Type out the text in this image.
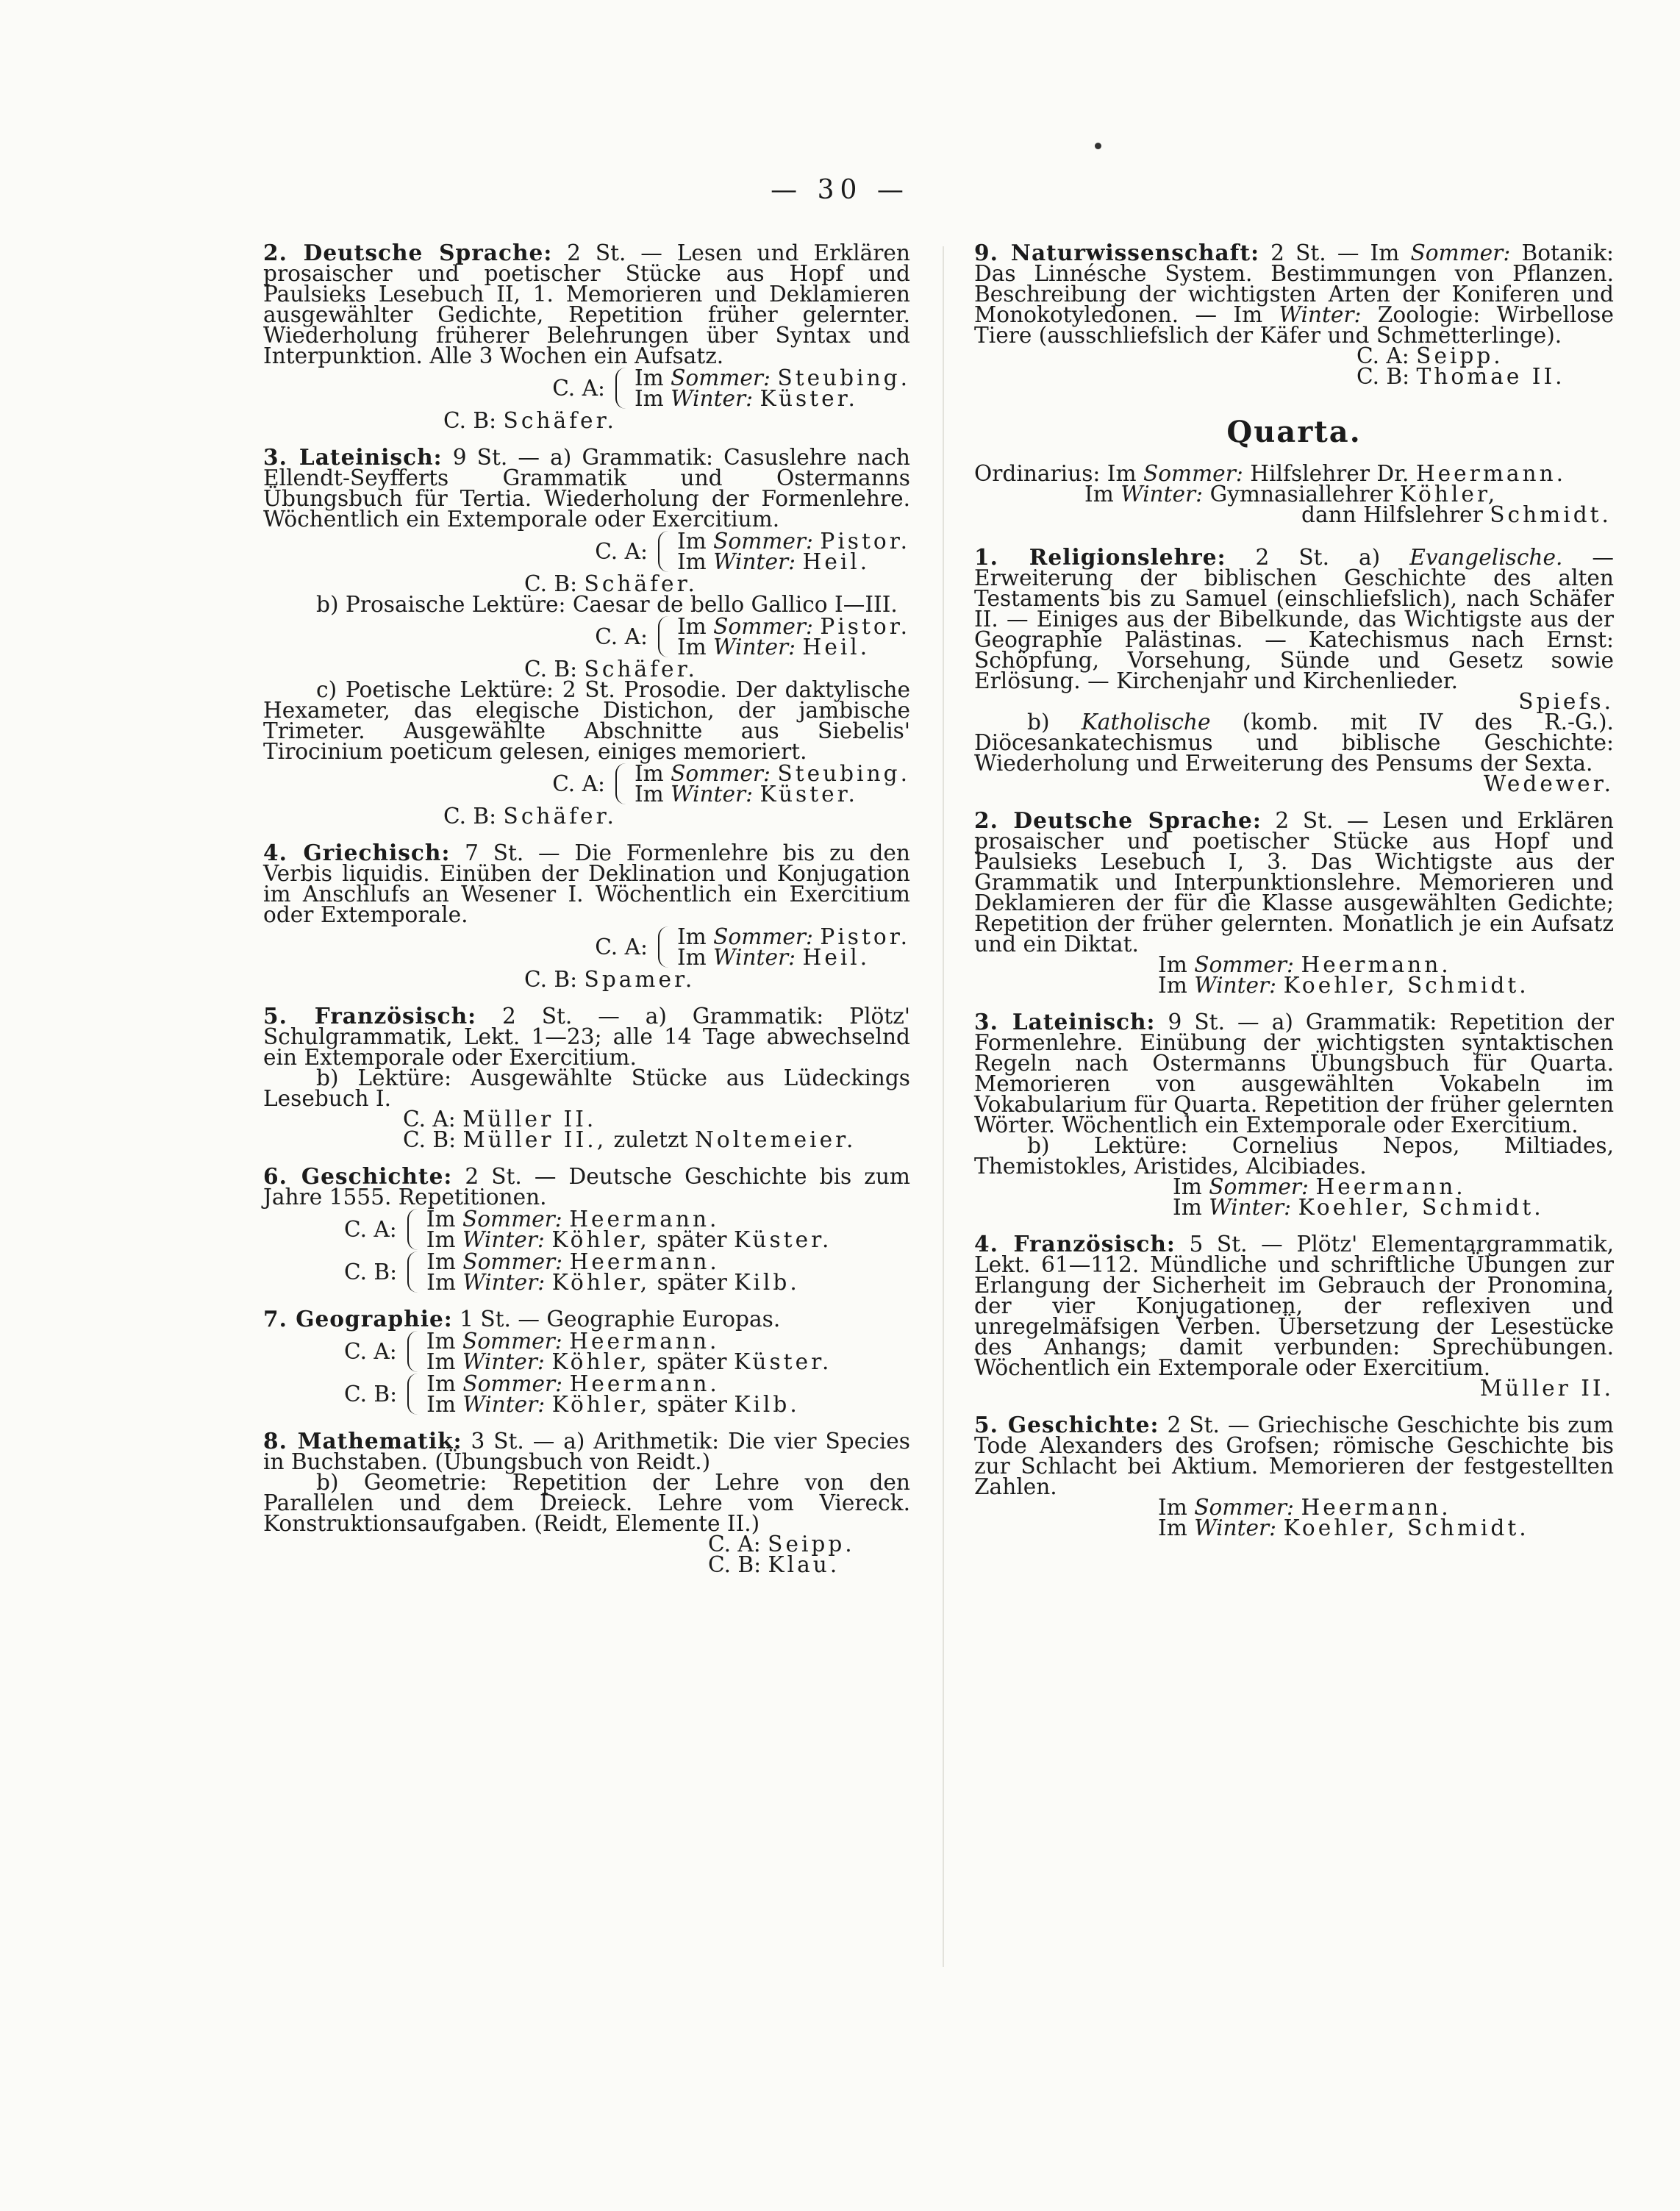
— 30 —

2. Deutsche Sprache: 2 St. — Lesen und Erklären prosaischer und poetischer Stücke aus Hopf und Paulsieks Lesebuch II, 1. Memorieren und Deklamieren ausgewählter Gedichte, Repetition früher gelernter. Wiederholung früherer Belehrungen über Syntax und Interpunktion. Alle 3 Wochen ein Aufsatz.

C. A: Im Sommer: Steubing.
Im Winter: Küster.
C. B: Schäfer.

3. Lateinisch: 9 St. — a) Grammatik: Casuslehre nach Ellendt-Seyfferts Grammatik und Ostermanns Übungsbuch für Tertia. Wiederholung der Formenlehre. Wöchentlich ein Extemporale oder Exercitium.

C. A: Im Sommer: Pistor.
Im Winter: Heil.
C. B: Schäfer.

b) Prosaische Lektüre: Caesar de bello Gallico I—III.

C. A: Im Sommer: Pistor.
Im Winter: Heil.
C. B: Schäfer.

c) Poetische Lektüre: 2 St. Prosodie. Der daktylische Hexameter, das elegische Distichon, der jambische Trimeter. Ausgewählte Abschnitte aus Siebelis' Tirocinium poeticum gelesen, einiges memoriert.

C. A: Im Sommer: Steubing.
Im Winter: Küster.
C. B: Schäfer.

4. Griechisch: 7 St. — Die Formenlehre bis zu den Verbis liquidis. Einüben der Deklination und Konjugation im Anschlufs an Wesener I. Wöchentlich ein Exercitium oder Extemporale.

C. A: Im Sommer: Pistor.
Im Winter: Heil.
C. B: Spamer.

5. Französisch: 2 St. — a) Grammatik: Plötz' Schulgrammatik, Lekt. 1—23; alle 14 Tage abwechselnd ein Extemporale oder Exercitium.

b) Lektüre: Ausgewählte Stücke aus Lüdeckings Lesebuch I.

C. A: Müller II.
C. B: Müller II., zuletzt Noltemeier.

6. Geschichte: 2 St. — Deutsche Geschichte bis zum Jahre 1555. Repetitionen.

C. A: Im Sommer: Heermann.
Im Winter: Köhler, später Küster.
C. B: Im Sommer: Heermann.
Im Winter: Köhler, später Kilb.

7. Geographie: 1 St. — Geographie Europas.

C. A: Im Sommer: Heermann.
Im Winter: Köhler, später Küster.
C. B: Im Sommer: Heermann.
Im Winter: Köhler, später Kilb.

8. Mathematik: 3 St. — a) Arithmetik: Die vier Species in Buchstaben. (Übungsbuch von Reidt.)

b) Geometrie: Repetition der Lehre von den Parallelen und dem Dreieck. Lehre vom Viereck. Konstruktionsaufgaben. (Reidt, Elemente II.)

C. A: Seipp.
C. B: Klau.

9. Naturwissenschaft: 2 St. — Im Sommer: Botanik: Das Linnésche System. Bestimmungen von Pflanzen. Beschreibung der wichtigsten Arten der Koniferen und Monokotyledonen. — Im Winter: Zoologie: Wirbellose Tiere (ausschliefslich der Käfer und Schmetterlinge).

C. A: Seipp.
C. B: Thomae II.
Quarta.
Ordinarius: Im Sommer: Hilfslehrer Dr. Heermann.
Im Winter: Gymnasiallehrer Köhler,
dann Hilfslehrer Schmidt.

1. Religionslehre: 2 St. a) Evangelische. — Erweiterung der biblischen Geschichte des alten Testaments bis zu Samuel (einschliefslich), nach Schäfer II. — Einiges aus der Bibelkunde, das Wichtigste aus der Geographie Palästinas. — Katechismus nach Ernst: Schöpfung, Vorsehung, Sünde und Gesetz sowie Erlösung. — Kirchenjahr und Kirchenlieder.

Spiefs.

b) Katholische (komb. mit IV des R.-G.). Diöcesankatechismus und biblische Geschichte: Wiederholung und Erweiterung des Pensums der Sexta.

Wedewer.

2. Deutsche Sprache: 2 St. — Lesen und Erklären prosaischer und poetischer Stücke aus Hopf und Paulsieks Lesebuch I, 3. Das Wichtigste aus der Grammatik und Interpunktionslehre. Memorieren und Deklamieren der für die Klasse ausgewählten Gedichte; Repetition der früher gelernten. Monatlich je ein Aufsatz und ein Diktat.

Im Sommer: Heermann.
Im Winter: Koehler, Schmidt.

3. Lateinisch: 9 St. — a) Grammatik: Repetition der Formenlehre. Einübung der wichtigsten syntaktischen Regeln nach Ostermanns Übungsbuch für Quarta. Memorieren von ausgewählten Vokabeln im Vokabularium für Quarta. Repetition der früher gelernten Wörter. Wöchentlich ein Extemporale oder Exercitium.

b) Lektüre: Cornelius Nepos, Miltiades, Themistokles, Aristides, Alcibiades.

Im Sommer: Heermann.
Im Winter: Koehler, Schmidt.

4. Französisch: 5 St. — Plötz' Elementargrammatik, Lekt. 61—112. Mündliche und schriftliche Übungen zur Erlangung der Sicherheit im Gebrauch der Pronomina, der vier Konjugationen, der reflexiven und unregelmäfsigen Verben. Übersetzung der Lesestücke des Anhangs; damit verbunden: Sprechübungen. Wöchentlich ein Extemporale oder Exercitium.

Müller II.

5. Geschichte: 2 St. — Griechische Geschichte bis zum Tode Alexanders des Grofsen; römische Geschichte bis zur Schlacht bei Aktium. Memorieren der festgestellten Zahlen.

Im Sommer: Heermann.
Im Winter: Koehler, Schmidt.
